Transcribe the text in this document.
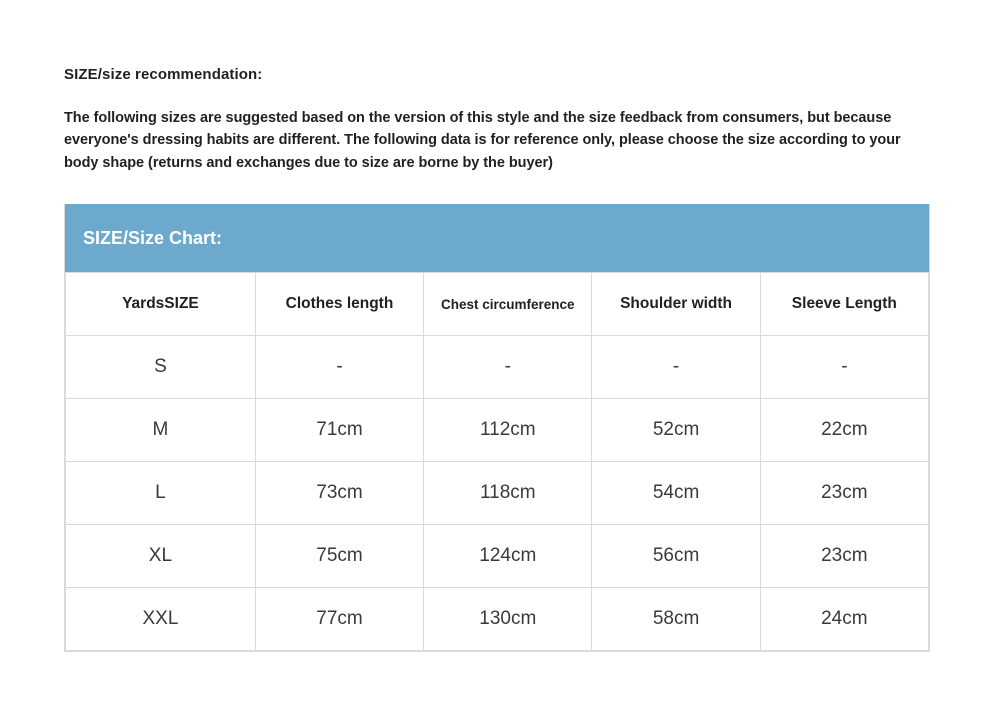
SIZE/size recommendation:

The following sizes are suggested based on the version of this style and the size feedback from consumers, but because everyone's dressing habits are different. The following data is for reference only, please choose the size according to your body shape (returns and exchanges due to size are borne by the buyer)

SIZE/Size Chart:
YardsSIZE	Clothes length	Chest circumference	Shoulder width	Sleeve Length
S	-	-	-	-
M	71cm	112cm	52cm	22cm
L	73cm	118cm	54cm	23cm
XL	75cm	124cm	56cm	23cm
XXL	77cm	130cm	58cm	24cm
